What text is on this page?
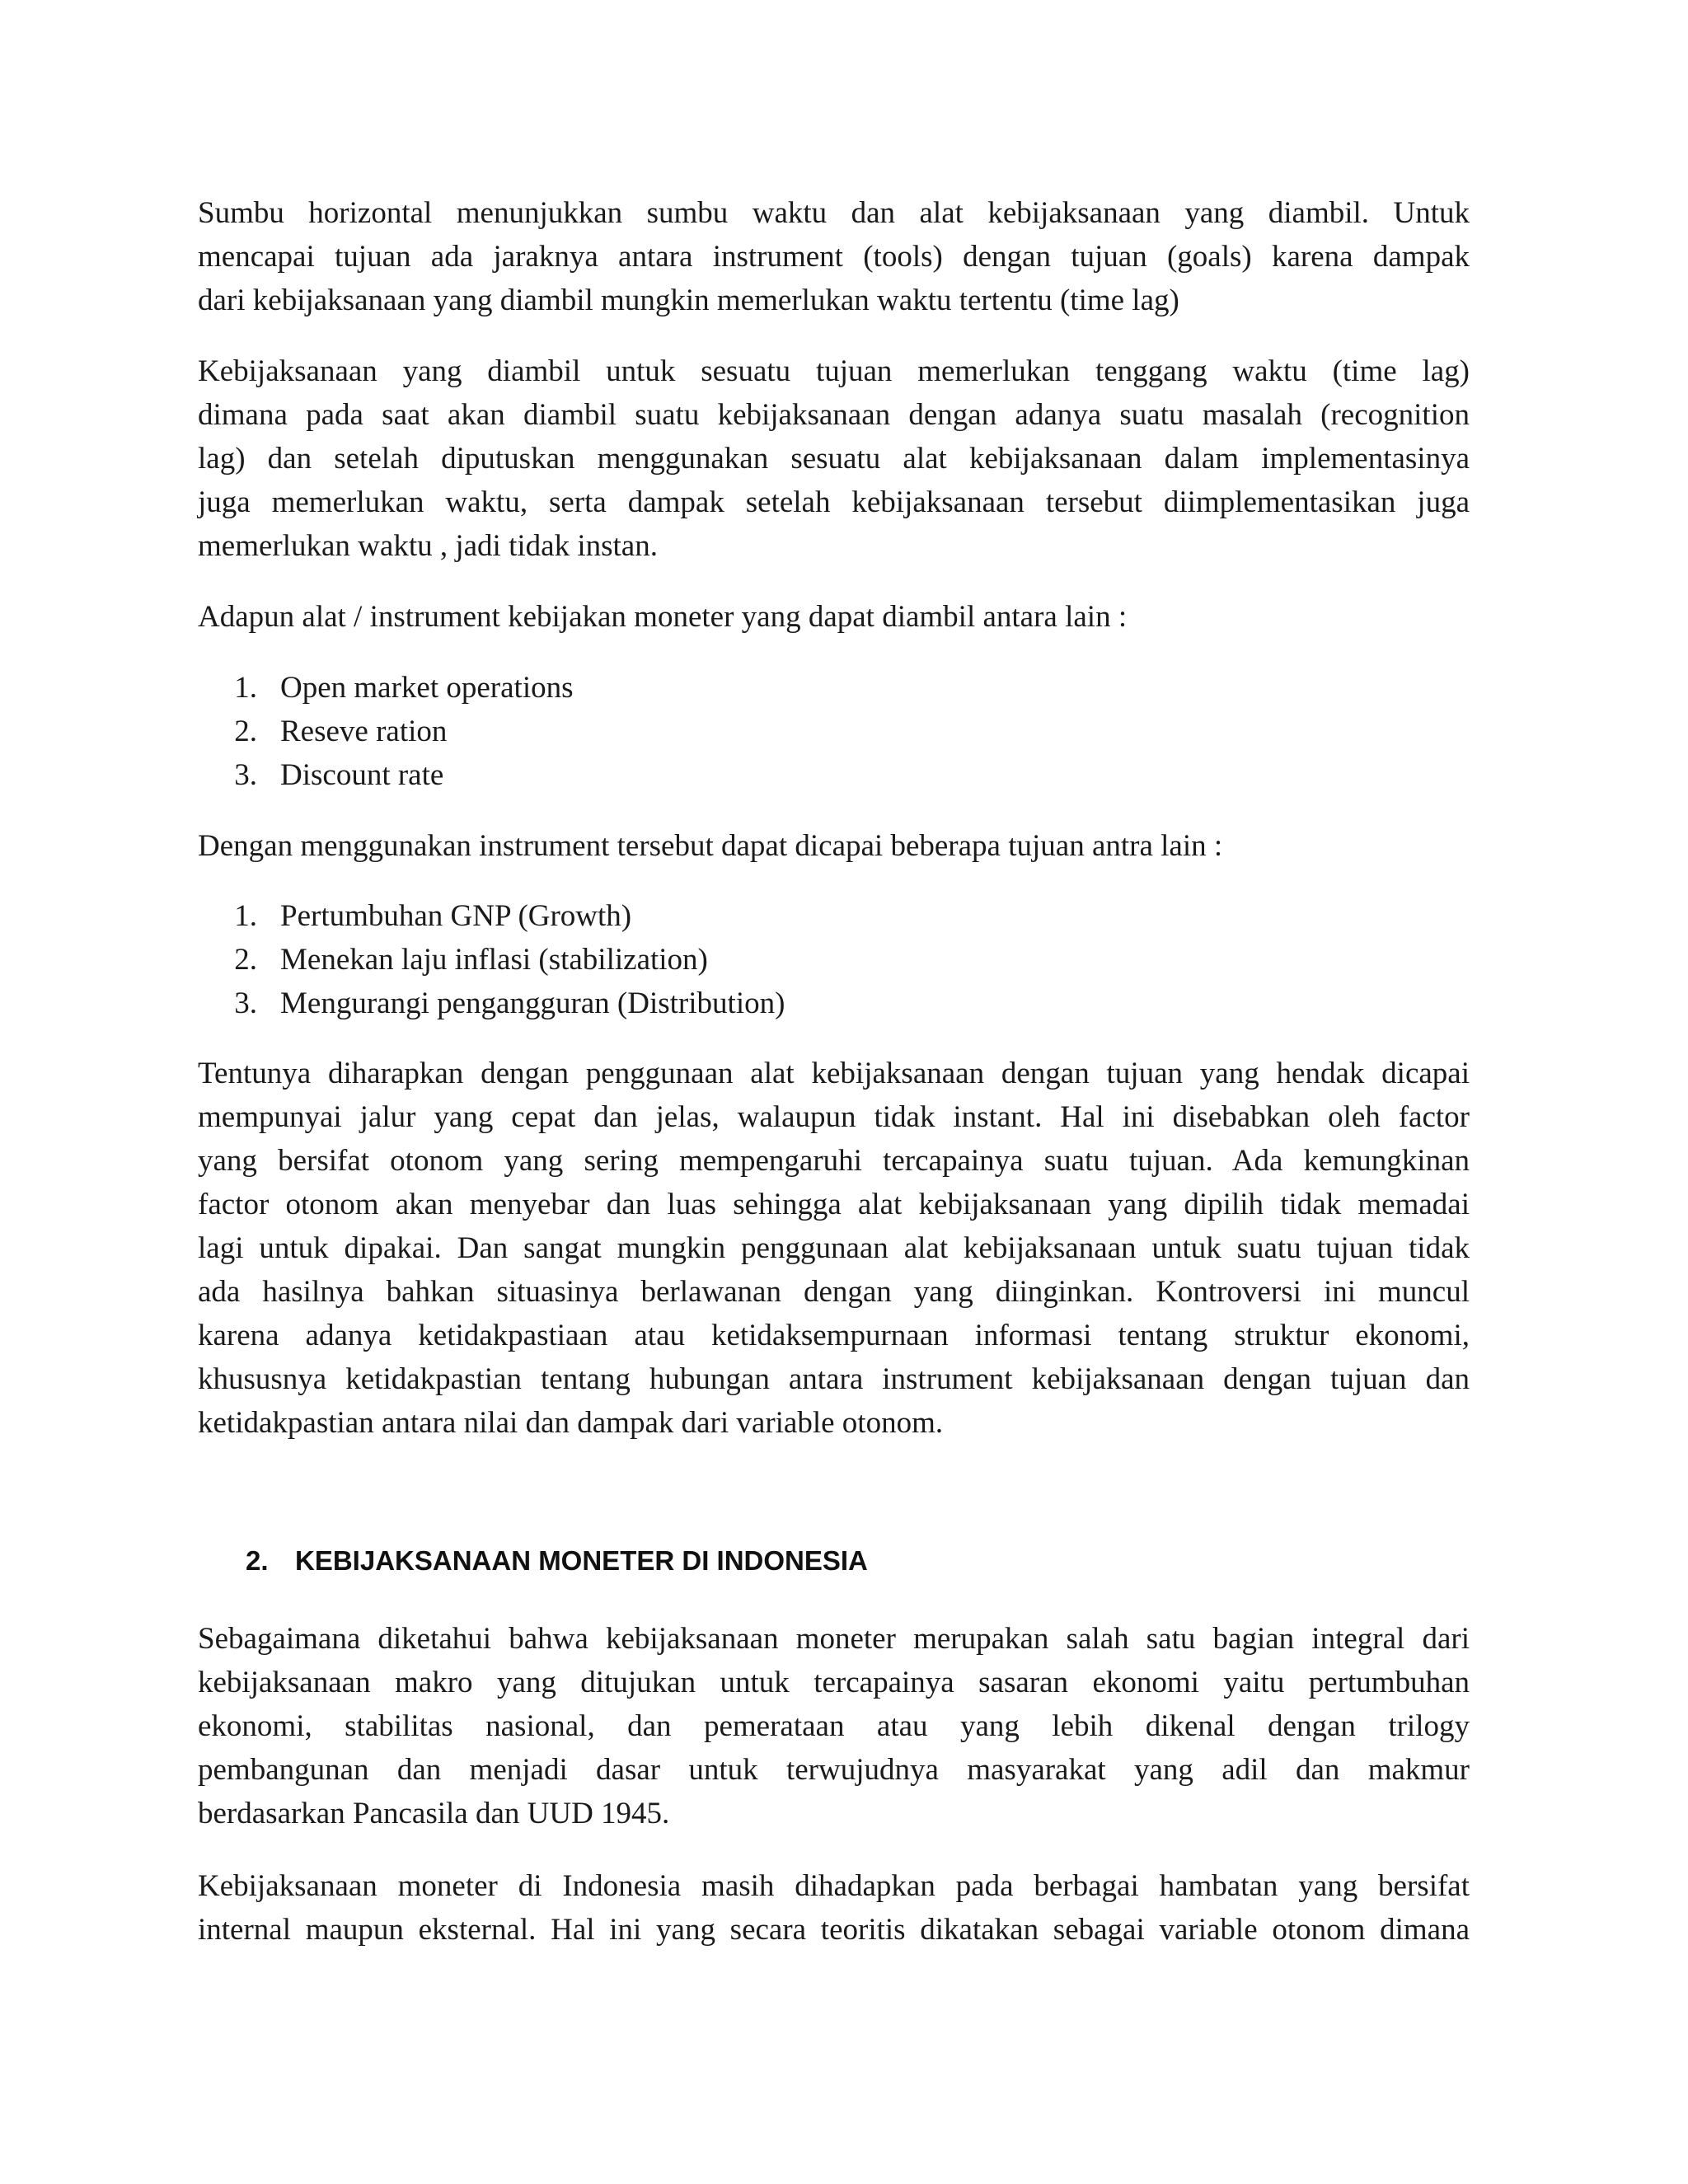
Sumbu horizontal menunjukkan sumbu waktu dan alat kebijaksanaan yang diambil. Untuk
mencapai tujuan ada jaraknya antara instrument (tools) dengan tujuan (goals) karena dampak
dari kebijaksanaan yang diambil mungkin memerlukan waktu tertentu (time lag)

Kebijaksanaan yang diambil untuk sesuatu tujuan memerlukan tenggang waktu (time lag)
dimana pada saat akan diambil suatu kebijaksanaan dengan adanya suatu masalah (recognition
lag) dan setelah diputuskan menggunakan sesuatu alat kebijaksanaan dalam implementasinya
juga memerlukan waktu, serta dampak setelah kebijaksanaan tersebut diimplementasikan juga
memerlukan waktu , jadi tidak instan.

Adapun alat / instrument kebijakan moneter yang dapat diambil antara lain :

1. Open market operations
2. Reseve ration
3. Discount rate

Dengan menggunakan instrument tersebut dapat dicapai beberapa tujuan antra lain :

1. Pertumbuhan GNP (Growth)
2. Menekan laju inflasi (stabilization)
3. Mengurangi pengangguran (Distribution)

Tentunya diharapkan dengan penggunaan alat kebijaksanaan dengan tujuan yang hendak dicapai
mempunyai jalur yang cepat dan jelas, walaupun tidak instant. Hal ini disebabkan oleh factor
yang bersifat otonom yang sering mempengaruhi tercapainya suatu tujuan. Ada kemungkinan
factor otonom akan menyebar dan luas sehingga alat kebijaksanaan yang dipilih tidak memadai
lagi untuk dipakai. Dan sangat mungkin penggunaan alat kebijaksanaan untuk suatu tujuan tidak
ada hasilnya bahkan situasinya berlawanan dengan yang diinginkan. Kontroversi ini muncul
karena adanya ketidakpastiaan atau ketidaksempurnaan informasi tentang struktur ekonomi,
khususnya ketidakpastian tentang hubungan antara instrument kebijaksanaan dengan tujuan dan
ketidakpastian antara nilai dan dampak dari variable otonom.

2. KEBIJAKSANAAN MONETER DI INDONESIA

Sebagaimana diketahui bahwa kebijaksanaan moneter merupakan salah satu bagian integral dari
kebijaksanaan makro yang ditujukan untuk tercapainya sasaran ekonomi yaitu pertumbuhan
ekonomi, stabilitas nasional, dan pemerataan atau yang lebih dikenal dengan trilogy
pembangunan dan menjadi dasar untuk terwujudnya masyarakat yang adil dan makmur
berdasarkan Pancasila dan UUD 1945.

Kebijaksanaan moneter di Indonesia masih dihadapkan pada berbagai hambatan yang bersifat
internal maupun eksternal. Hal ini yang secara teoritis dikatakan sebagai variable otonom dimana
